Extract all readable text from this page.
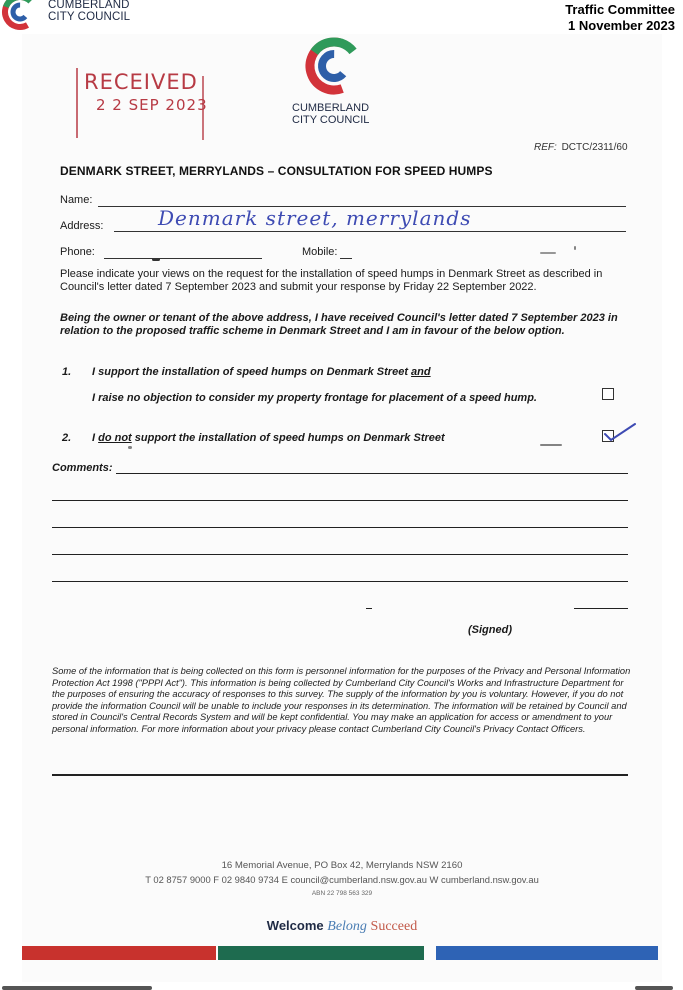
CUMBERLAND
CITY COUNCIL	Traffic Committee
1 November 2023
RECEIVED
2 2 SEP 2023	CUMBERLAND
CITY COUNCIL
REF: DCTC/2311/60
DENMARK STREET, MERRYLANDS – CONSULTATION FOR SPEED HUMPS
Name:
Address:	Denmark street, merrylands
Phone:	Mobile:
Please indicate your views on the request for the installation of speed humps in Denmark Street as described in Council's letter dated 7 September 2023 and submit your response by Friday 22 September 2022.
Being the owner or tenant of the above address, I have received Council's letter dated 7 September 2023 in relation to the proposed traffic scheme in Denmark Street and I am in favour of the below option.
1. I support the installation of speed humps on Denmark Street and
I raise no objection to consider my property frontage for placement of a speed hump.
2. I do not support the installation of speed humps on Denmark Street
Comments:
(Signed)
Some of the information that is being collected on this form is personnel information for the purposes of the Privacy and Personal Information Protection Act 1998 ("PPPI Act"). This information is being collected by Cumberland City Council's Works and Infrastructure Department for the purposes of ensuring the accuracy of responses to this survey. The supply of the information by you is voluntary. However, if you do not provide the information Council will be unable to include your responses in its determination. The information will be retained by Council and stored in Council's Central Records System and will be kept confidential. You may make an application for access or amendment to your personal information. For more information about your privacy please contact Cumberland City Council's Privacy Contact Officers.
16 Memorial Avenue, PO Box 42, Merrylands NSW 2160
T 02 8757 9000 F 02 9840 9734 E council@cumberland.nsw.gov.au W cumberland.nsw.gov.au
ABN 22 798 563 329
Welcome Belong Succeed
